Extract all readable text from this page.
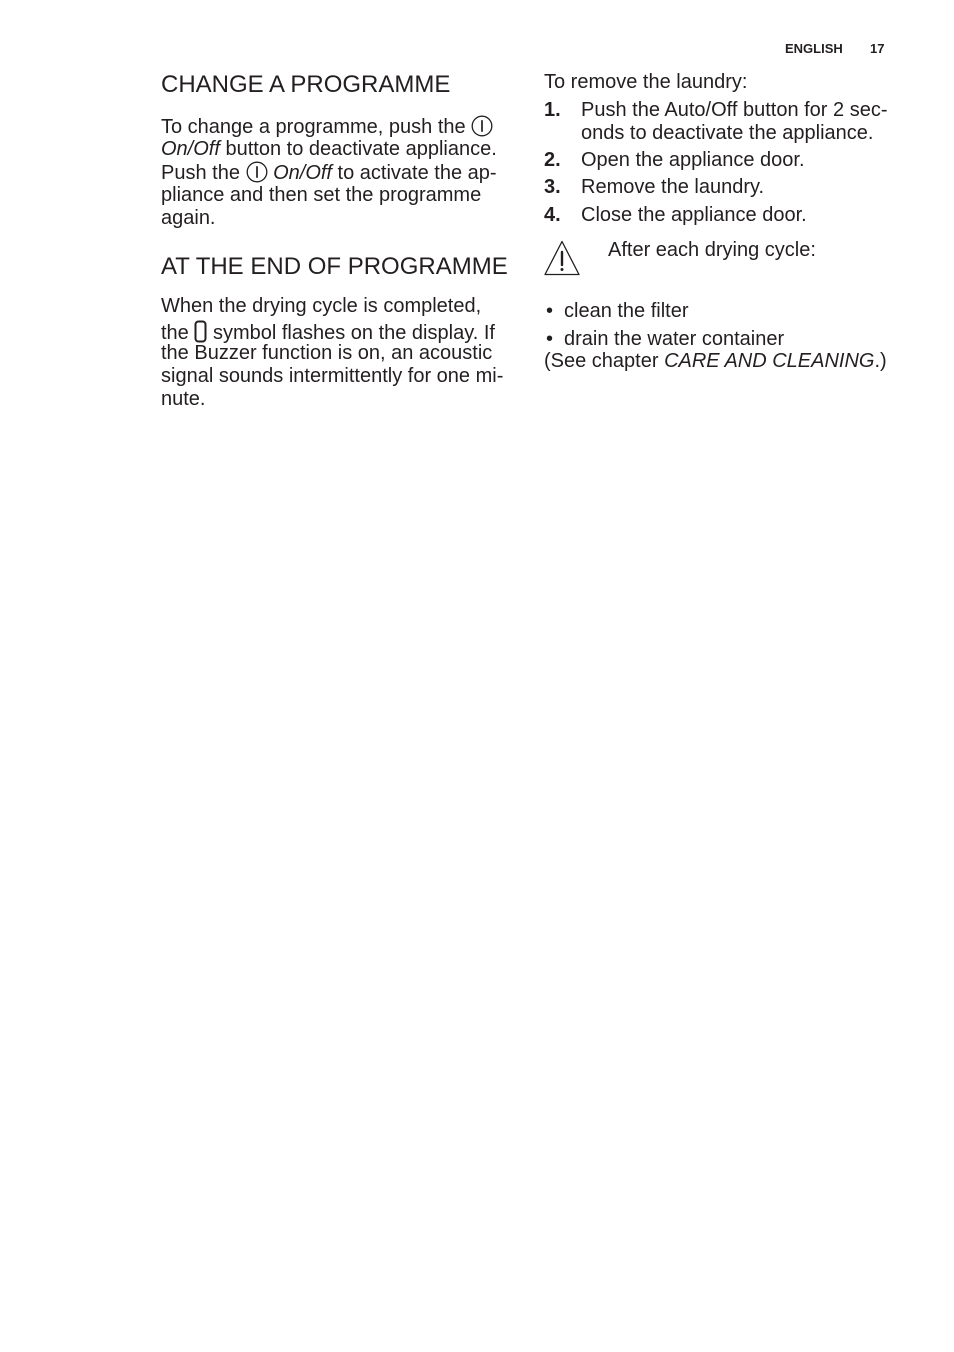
ENGLISH 17
CHANGE A PROGRAMME
To change a programme, push the
On/Off button to deactivate appliance.
Push the On/Off to activate the ap-
pliance and then set the programme
again.
AT THE END OF PROGRAMME
When the drying cycle is completed,
the symbol flashes on the display. If
the Buzzer function is on, an acoustic
signal sounds intermittently for one mi-
nute.
To remove the laundry:
1. Push the Auto/Off button for 2 sec-
onds to deactivate the appliance.
2. Open the appliance door.
3. Remove the laundry.
4. Close the appliance door.
After each drying cycle:
• clean the filter
• drain the water container
(See chapter CARE AND CLEANING.)
